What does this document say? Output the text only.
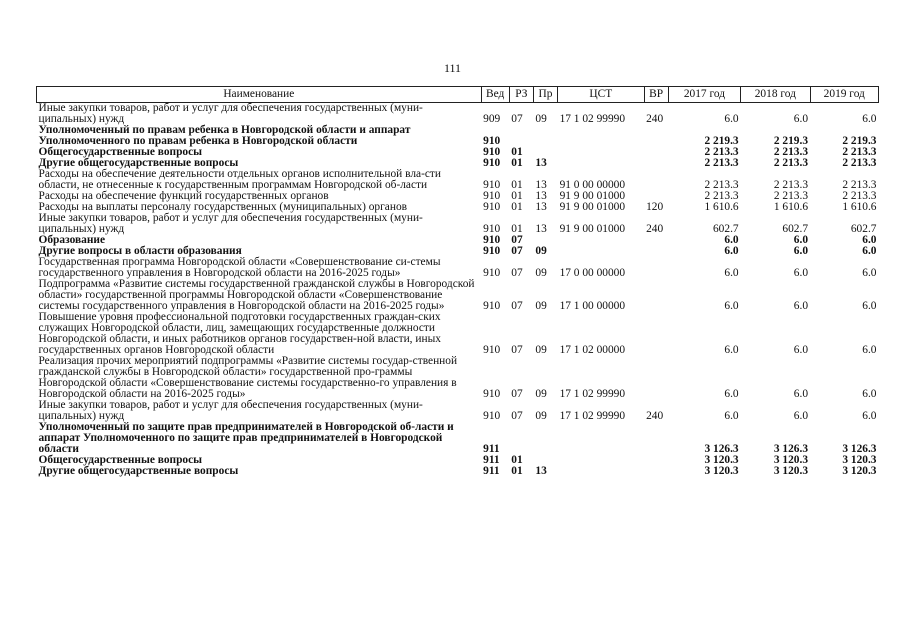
111
Наименование	Вед	РЗ	Пр	ЦСТ	ВР	2017 год	2018 год	2019 год
Иные закупки товаров, работ и услуг для обеспечения государственных (муни-ципальных) нужд	909	07	09	17 1 02 99990	240	6.0	6.0	6.0
Уполномоченный по правам ребенка в Новгородской области и аппарат Уполномоченного по правам ребенка в Новгородской области	910					2 219.3	2 219.3	2 219.3
Общегосударственные вопросы	910	01				2 213.3	2 213.3	2 213.3
Другие общегосударственные вопросы	910	01	13			2 213.3	2 213.3	2 213.3
Расходы на обеспечение деятельности отдельных органов исполнительной вла-сти области, не отнесенные к государственным программам Новгородской об-ласти	910	01	13	91 0 00 00000		2 213.3	2 213.3	2 213.3
Расходы на обеспечение функций государственных органов	910	01	13	91 9 00 01000		2 213.3	2 213.3	2 213.3
Расходы на выплаты персоналу государственных (муниципальных) органов	910	01	13	91 9 00 01000	120	1 610.6	1 610.6	1 610.6
Иные закупки товаров, работ и услуг для обеспечения государственных (муни-ципальных) нужд	910	01	13	91 9 00 01000	240	602.7	602.7	602.7
Образование	910	07				6.0	6.0	6.0
Другие вопросы в области образования	910	07	09			6.0	6.0	6.0
Государственная программа Новгородской области «Совершенствование си-стемы государственного управления в Новгородской области на 2016-2025 годы»	910	07	09	17 0 00 00000		6.0	6.0	6.0
Подпрограмма «Развитие системы государственной гражданской службы в Новгородской области» государственной программы Новгородской области «Совершенствование системы государственного управления в Новгородской области на 2016-2025 годы»	910	07	09	17 1 00 00000		6.0	6.0	6.0
Повышение уровня профессиональной подготовки государственных граждан-ских служащих Новгородской области, лиц, замещающих государственные должности Новгородской области, и иных работников органов государствен-ной власти, иных государственных органов Новгородской области	910	07	09	17 1 02 00000		6.0	6.0	6.0
Реализация прочих мероприятий подпрограммы «Развитие системы государ-ственной гражданской службы в Новгородской области» государственной про-граммы Новгородской области «Совершенствование системы государственно-го управления в Новгородской области на 2016-2025 годы»	910	07	09	17 1 02 99990		6.0	6.0	6.0
Иные закупки товаров, работ и услуг для обеспечения государственных (муни-ципальных) нужд	910	07	09	17 1 02 99990	240	6.0	6.0	6.0
Уполномоченный по защите прав предпринимателей в Новгородской об-ласти и аппарат Уполномоченного по защите прав предпринимателей в Новгородской области	911					3 126.3	3 126.3	3 126.3
Общегосударственные вопросы	911	01				3 120.3	3 120.3	3 120.3
Другие общегосударственные вопросы	911	01	13			3 120.3	3 120.3	3 120.3
